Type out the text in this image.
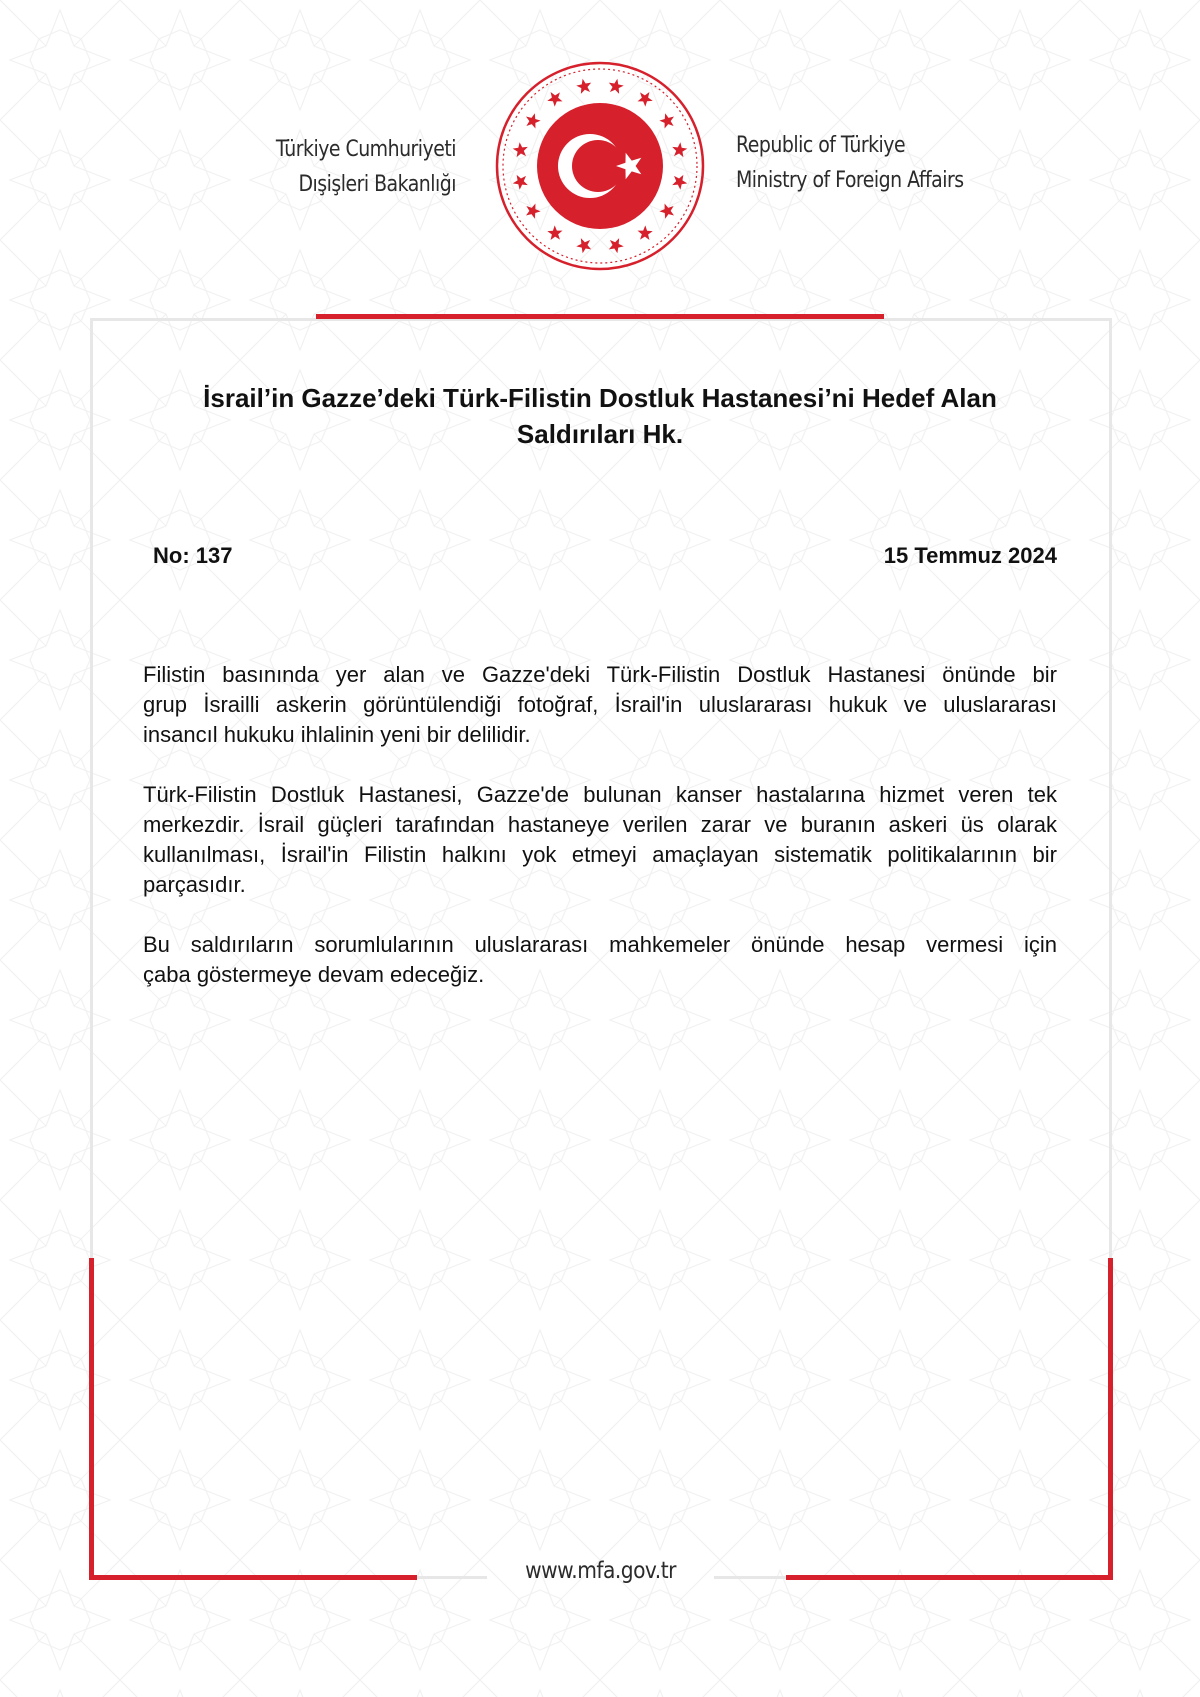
Türkiye Cumhuriyeti
Dışişleri Bakanlığı
Republic of Türkiye
Ministry of Foreign Affairs
İsrail’in Gazze’deki Türk-Filistin Dostluk Hastanesi’ni Hedef Alan
Saldırıları Hk.
No: 137	15 Temmuz 2024
Filistin basınında yer alan ve Gazze'deki Türk-Filistin Dostluk Hastanesi önünde bir
grup İsrailli askerin görüntülendiği fotoğraf, İsrail'in uluslararası hukuk ve uluslararası
insancıl hukuku ihlalinin yeni bir delilidir.
Türk-Filistin Dostluk Hastanesi, Gazze'de bulunan kanser hastalarına hizmet veren tek
merkezdir. İsrail güçleri tarafından hastaneye verilen zarar ve buranın askeri üs olarak
kullanılması, İsrail'in Filistin halkını yok etmeyi amaçlayan sistematik politikalarının bir
parçasıdır.
Bu saldırıların sorumlularının uluslararası mahkemeler önünde hesap vermesi için
çaba göstermeye devam edeceğiz.
www.mfa.gov.tr
